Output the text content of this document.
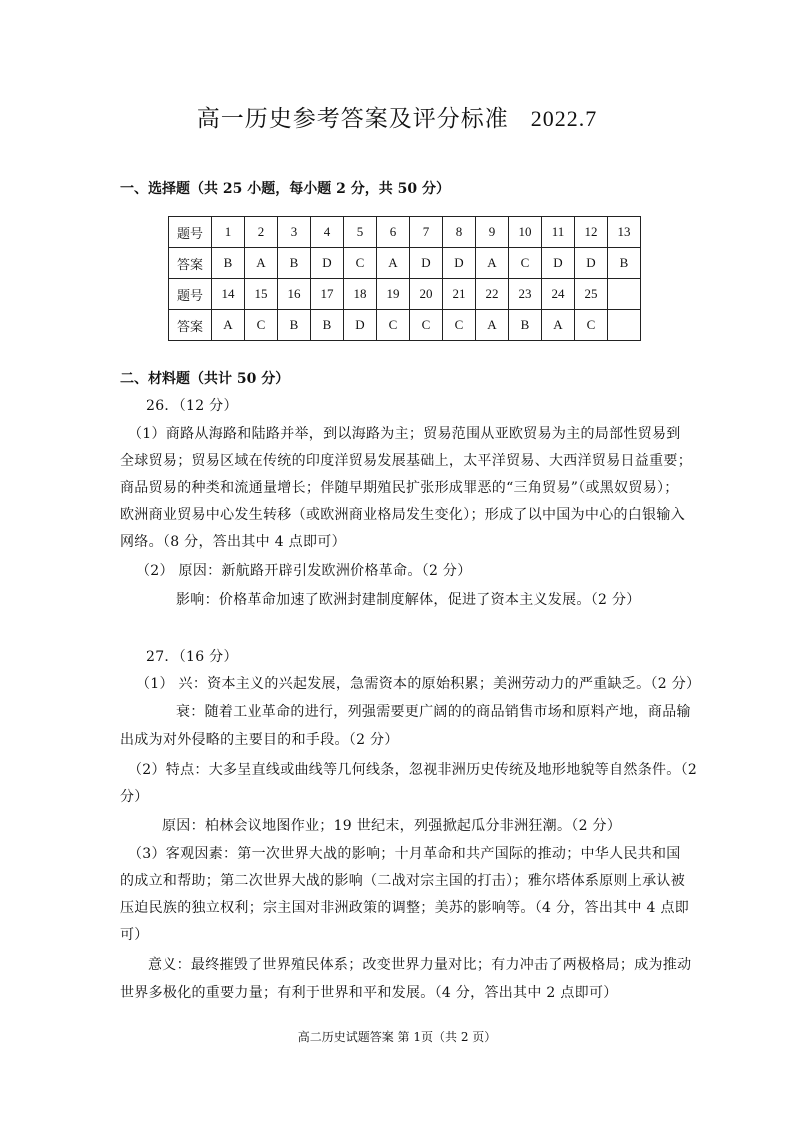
高一历史参考答案及评分标准 2022.7
一、选择题（共 25 小题，每小题 2 分，共 50 分）
题号	1	2	3	4	5	6	7	8	9	10	11	12	13
答案	B	A	B	D	C	A	D	D	A	C	D	D	B
题号	14	15	16	17	18	19	20	21	22	23	24	25	
答案	A	C	B	B	D	C	C	C	A	B	A	C	
二、材料题（共计 50 分）
26．（12 分）
（1）商路从海路和陆路并举，到以海路为主；贸易范围从亚欧贸易为主的局部性贸易到
全球贸易；贸易区域在传统的印度洋贸易发展基础上，太平洋贸易、大西洋贸易日益重要；
商品贸易的种类和流通量增长；伴随早期殖民扩张形成罪恶的“三角贸易”（或黑奴贸易）；
欧洲商业贸易中心发生转移（或欧洲商业格局发生变化）；形成了以中国为中心的白银输入
网络。（8 分，答出其中 4 点即可）
（2） 原因：新航路开辟引发欧洲价格革命。（2 分）
影响：价格革命加速了欧洲封建制度解体，促进了资本主义发展。（2 分）
27．（16 分）
（1） 兴：资本主义的兴起发展，急需资本的原始积累；美洲劳动力的严重缺乏。（2 分）
衰：随着工业革命的进行，列强需要更广阔的的商品销售市场和原料产地，商品输
出成为对外侵略的主要目的和手段。（2 分）
（2）特点：大多呈直线或曲线等几何线条，忽视非洲历史传统及地形地貌等自然条件。（2
分）
原因：柏林会议地图作业；19 世纪末，列强掀起瓜分非洲狂潮。（2 分）
（3）客观因素：第一次世界大战的影响；十月革命和共产国际的推动；中华人民共和国
的成立和帮助；第二次世界大战的影响（二战对宗主国的打击）；雅尔塔体系原则上承认被
压迫民族的独立权利；宗主国对非洲政策的调整；美苏的影响等。（4 分，答出其中 4 点即
可）
意义：最终摧毁了世界殖民体系；改变世界力量对比；有力冲击了两极格局；成为推动
世界多极化的重要力量；有利于世界和平和发展。（4 分，答出其中 2 点即可）
高二历史试题答案 第 1页（共 2 页）
